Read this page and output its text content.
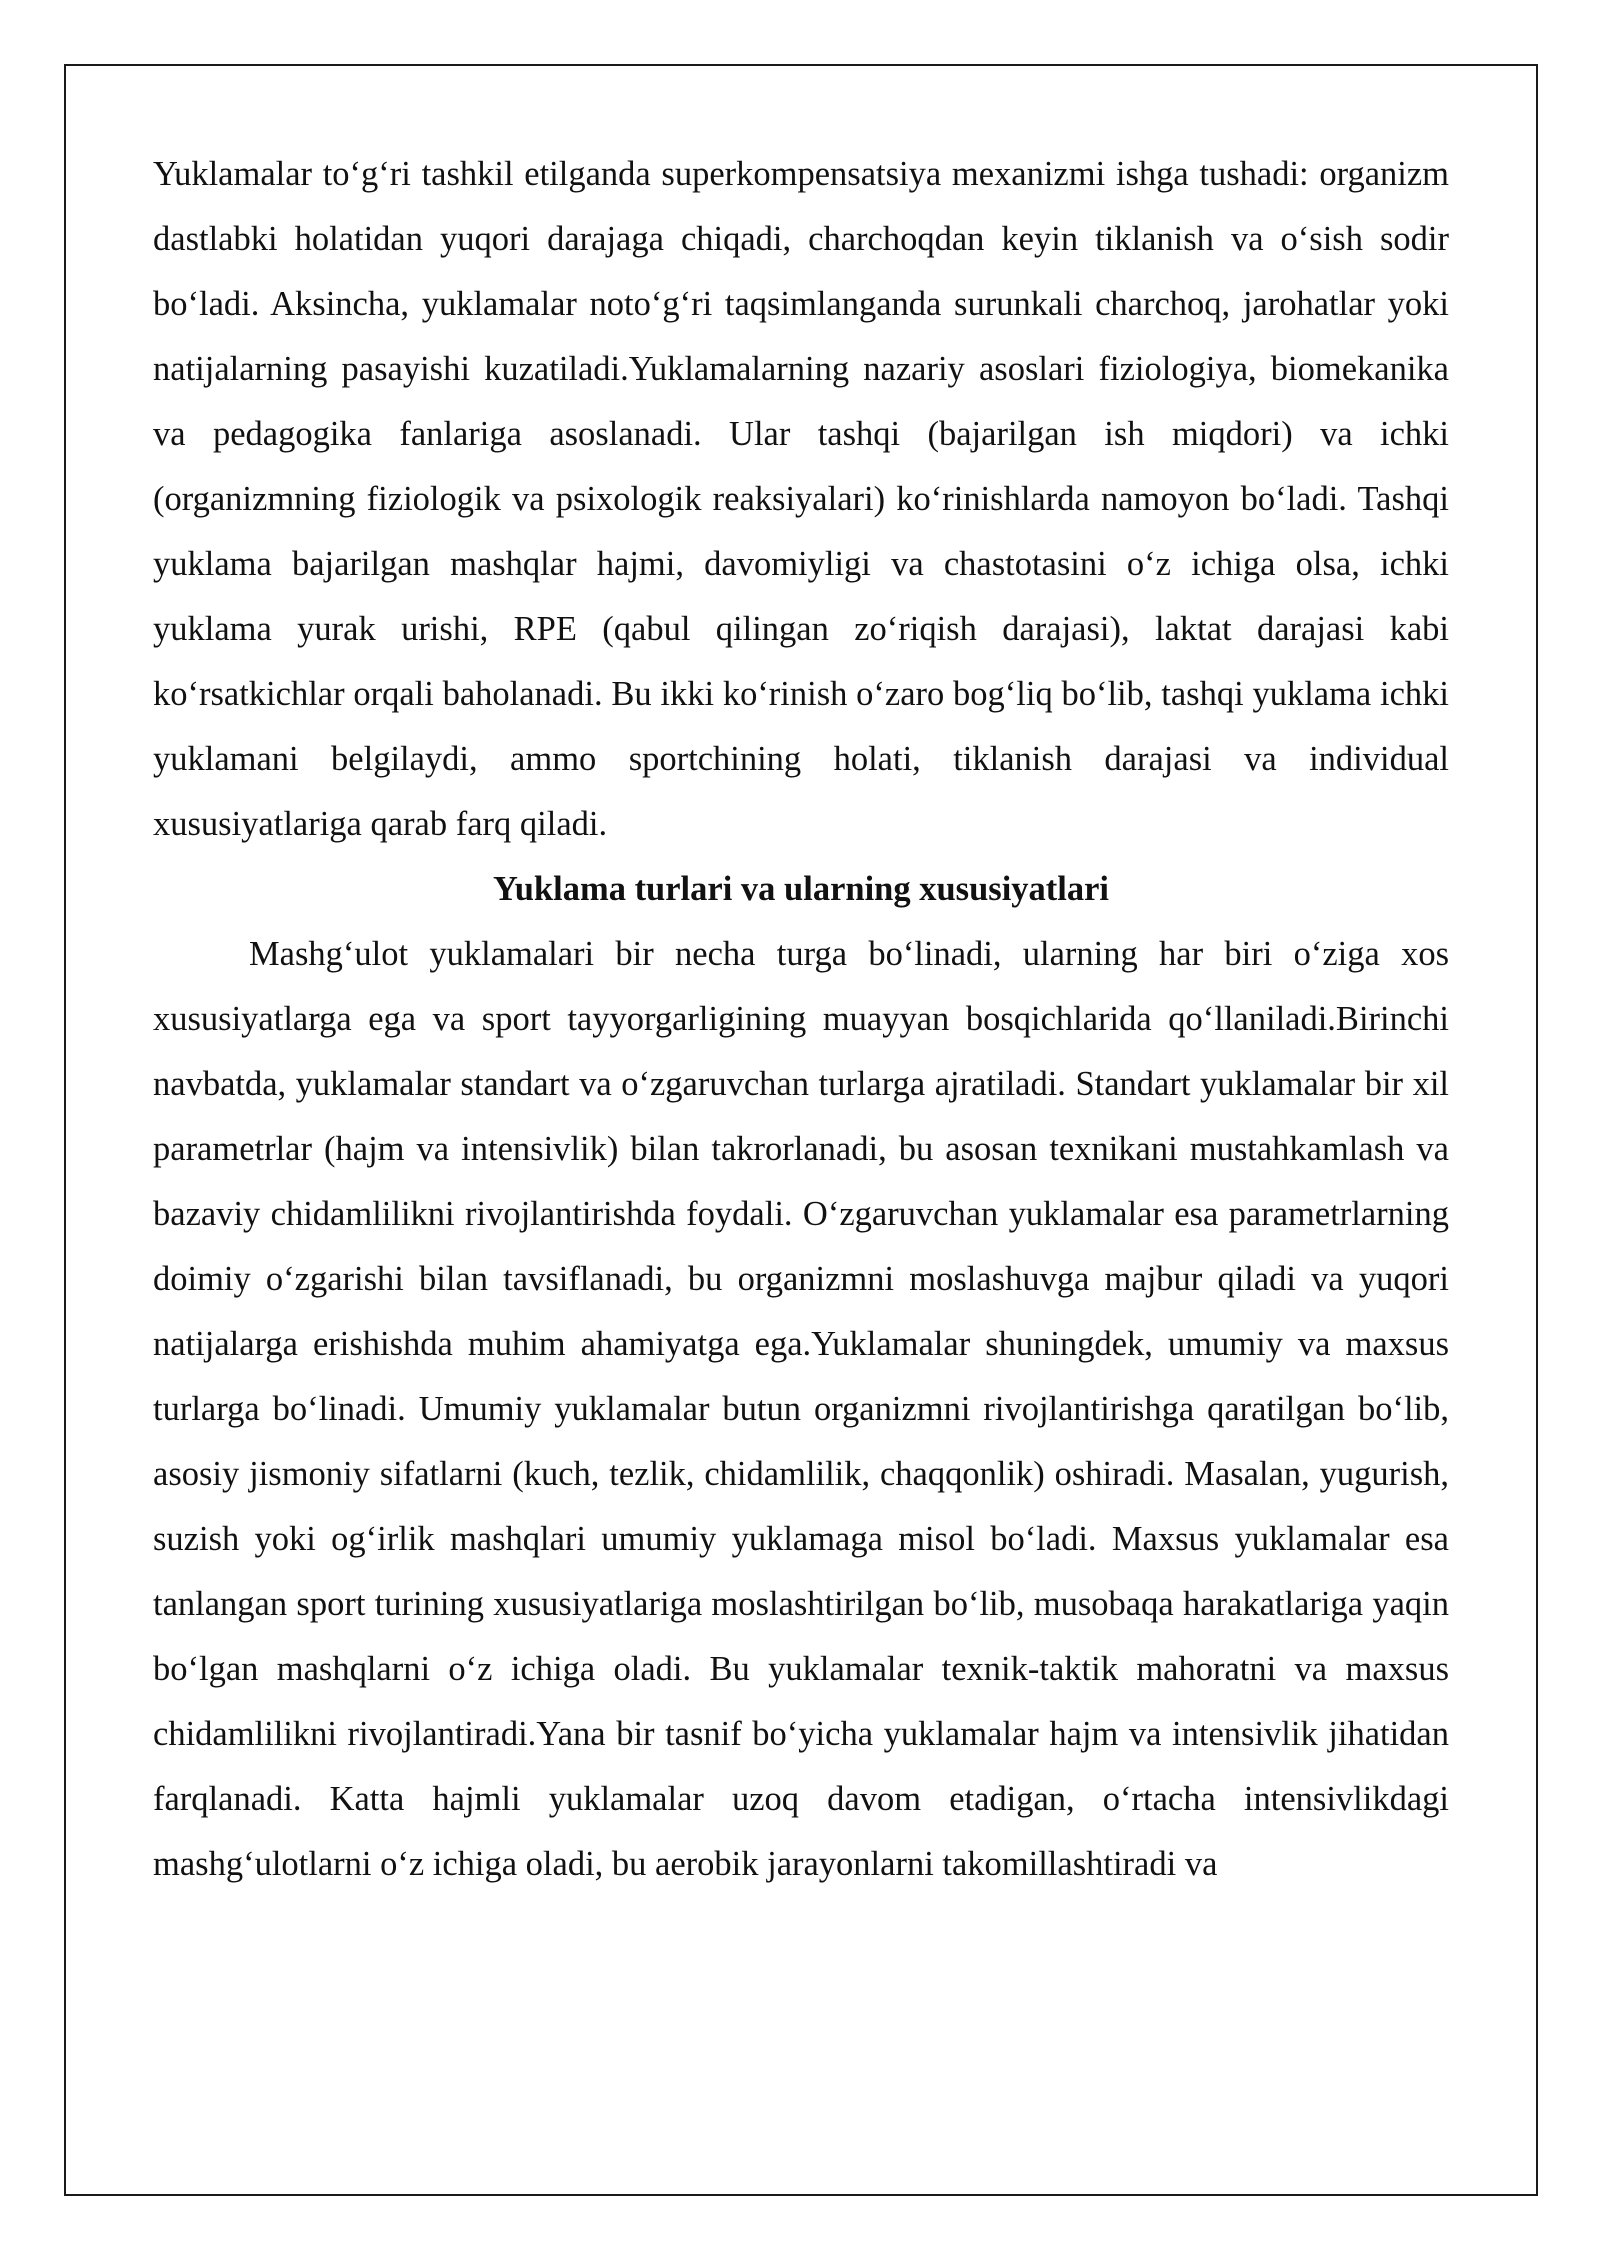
Yuklamalar to‘g‘ri tashkil etilganda superkompensatsiya mexanizmi ishga tushadi: organizm dastlabki holatidan yuqori darajaga chiqadi, charchoqdan keyin tiklanish va o‘sish sodir bo‘ladi. Aksincha, yuklamalar noto‘g‘ri taqsimlanganda surunkali charchoq, jarohatlar yoki natijalarning pasayishi kuzatiladi.Yuklamalarning nazariy asoslari fiziologiya, biomekanika va pedagogika fanlariga asoslanadi. Ular tashqi (bajarilgan ish miqdori) va ichki (organizmning fiziologik va psixologik reaksiyalari) ko‘rinishlarda namoyon bo‘ladi. Tashqi yuklama bajarilgan mashqlar hajmi, davomiyligi va chastotasini o‘z ichiga olsa, ichki yuklama yurak urishi, RPE (qabul qilingan zo‘riqish darajasi), laktat darajasi kabi ko‘rsatkichlar orqali baholanadi. Bu ikki ko‘rinish o‘zaro bog‘liq bo‘lib, tashqi yuklama ichki yuklamani belgilaydi, ammo sportchining holati, tiklanish darajasi va individual xususiyatlariga qarab farq qiladi.

Yuklama turlari va ularning xususiyatlari

Mashg‘ulot yuklamalari bir necha turga bo‘linadi, ularning har biri o‘ziga xos xususiyatlarga ega va sport tayyorgarligining muayyan bosqichlarida qo‘llaniladi.Birinchi navbatda, yuklamalar standart va o‘zgaruvchan turlarga ajratiladi. Standart yuklamalar bir xil parametrlar (hajm va intensivlik) bilan takrorlanadi, bu asosan texnikani mustahkamlash va bazaviy chidamlilikni rivojlantirishda foydali. O‘zgaruvchan yuklamalar esa parametrlarning doimiy o‘zgarishi bilan tavsiflanadi, bu organizmni moslashuvga majbur qiladi va yuqori natijalarga erishishda muhim ahamiyatga ega.Yuklamalar shuningdek, umumiy va maxsus turlarga bo‘linadi. Umumiy yuklamalar butun organizmni rivojlantirishga qaratilgan bo‘lib, asosiy jismoniy sifatlarni (kuch, tezlik, chidamlilik, chaqqonlik) oshiradi. Masalan, yugurish, suzish yoki og‘irlik mashqlari umumiy yuklamaga misol bo‘ladi. Maxsus yuklamalar esa tanlangan sport turining xususiyatlariga moslashtirilgan bo‘lib, musobaqa harakatlariga yaqin bo‘lgan mashqlarni o‘z ichiga oladi. Bu yuklamalar texnik-taktik mahoratni va maxsus chidamlilikni rivojlantiradi.Yana bir tasnif bo‘yicha yuklamalar hajm va intensivlik jihatidan farqlanadi. Katta hajmli yuklamalar uzoq davom etadigan, o‘rtacha intensivlikdagi mashg‘ulotlarni o‘z ichiga oladi, bu aerobik jarayonlarni takomillashtiradi va
